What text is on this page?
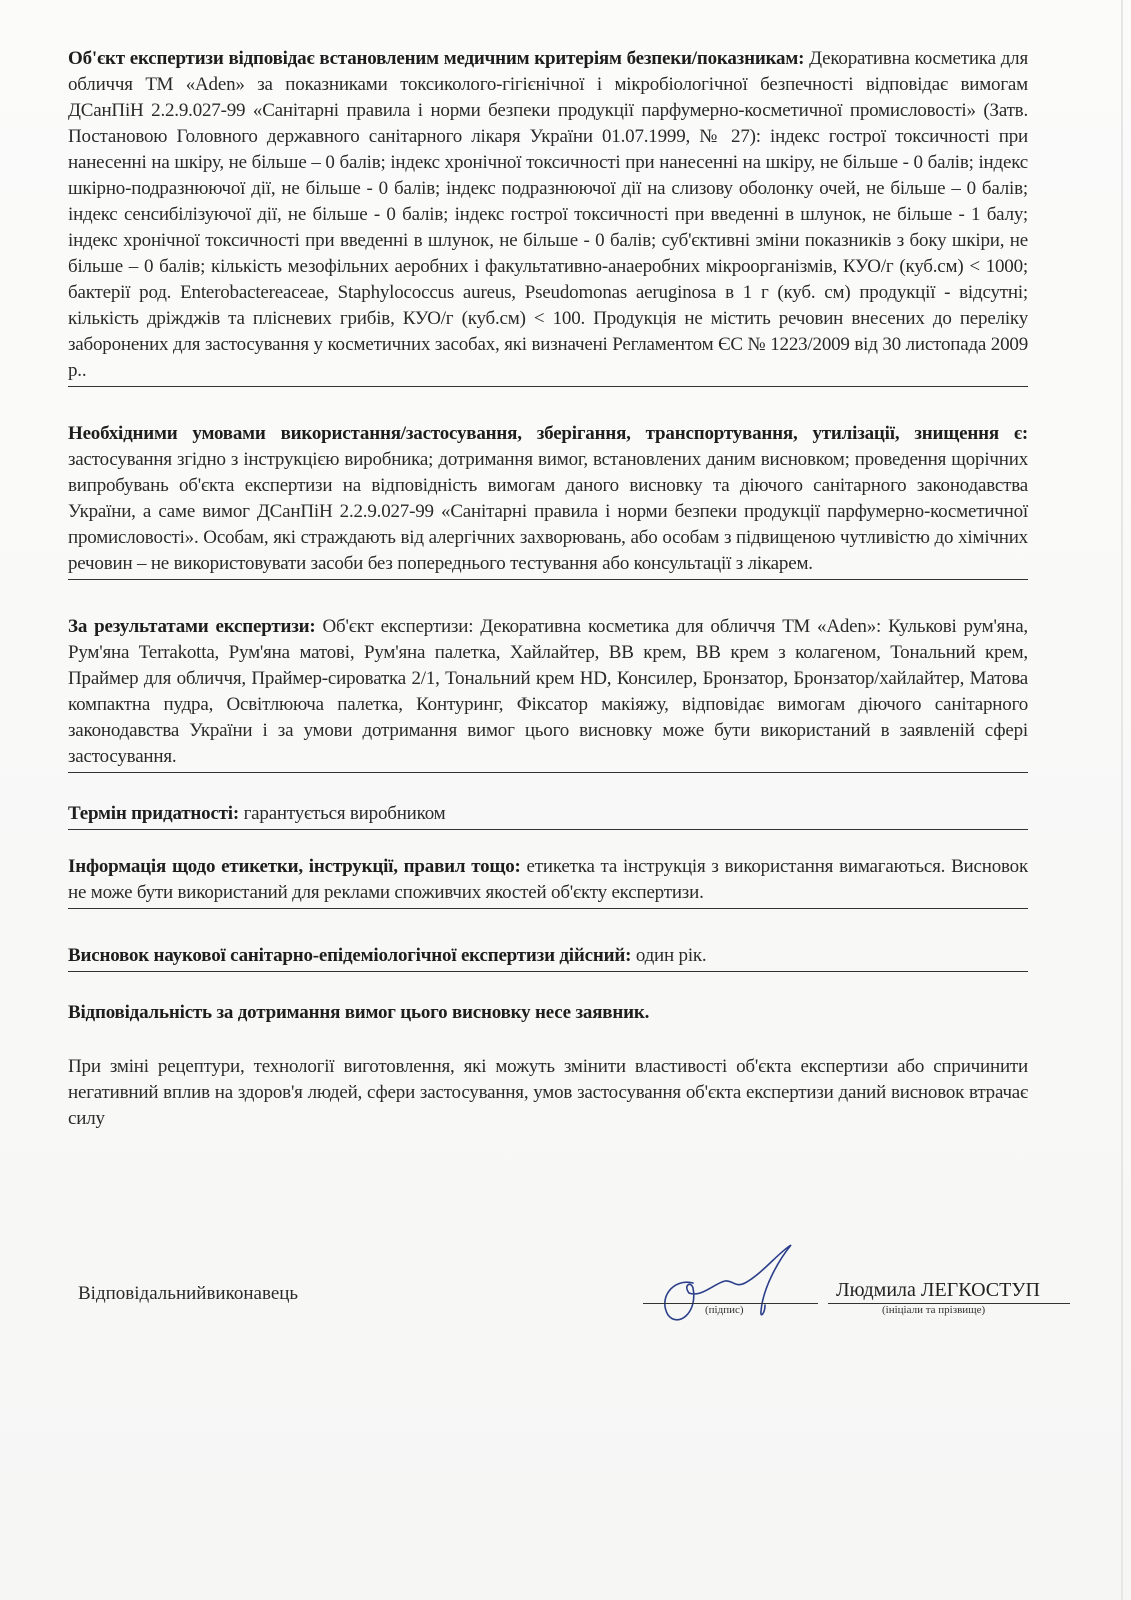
Об'єкт експертизи відповідає встановленим медичним критеріям безпеки/показникам: Декоративна косметика для обличчя ТМ «Aden» за показниками токсиколого-гігієнічної і мікробіологічної безпечності відповідає вимогам ДСанПіН 2.2.9.027-99 «Санітарні правила і норми безпеки продукції парфумерно-косметичної промисловості» (Затв. Постановою Головного державного санітарного лікаря України 01.07.1999, № 27): індекс гострої токсичності при нанесенні на шкіру, не більше – 0 балів; індекс хронічної токсичності при нанесенні на шкіру, не більше - 0 балів; індекс шкірно-подразнюючої дії, не більше - 0 балів; індекс подразнюючої дії на слизову оболонку очей, не більше – 0 балів; індекс сенсибілізуючої дії, не більше - 0 балів; індекс гострої токсичності при введенні в шлунок, не більше - 1 балу; індекс хронічної токсичності при введенні в шлунок, не більше - 0 балів; суб'єктивні зміни показників з боку шкіри, не більше – 0 балів; кількість мезофільних аеробних і факультативно-анаеробних мікроорганізмів, КУО/г (куб.см) < 1000; бактерії род. Enterobactereaceae, Staphylococcus aureus, Pseudomonas aeruginosa в 1 г (куб. см) продукції - відсутні; кількість дріжджів та плісневих грибів, КУО/г (куб.см) < 100. Продукція не містить речовин внесених до переліку заборонених для застосування у косметичних засобах, які визначені Регламентом ЄС № 1223/2009 від 30 листопада 2009 р..

Необхідними умовами використання/застосування, зберігання, транспортування, утилізації, знищення є: застосування згідно з інструкцією виробника; дотримання вимог, встановлених даним висновком; проведення щорічних випробувань об'єкта експертизи на відповідність вимогам даного висновку та діючого санітарного законодавства України, а саме вимог ДСанПіН 2.2.9.027-99 «Санітарні правила і норми безпеки продукції парфумерно-косметичної промисловості». Особам, які страждають від алергічних захворювань, або особам з підвищеною чутливістю до хімічних речовин – не використовувати засоби без попереднього тестування або консультації з лікарем.

За результатами експертизи: Об'єкт експертизи: Декоративна косметика для обличчя ТМ «Aden»: Кулькові рум'яна, Рум'яна Terrakotta, Рум'яна матові, Рум'яна палетка, Хайлайтер, ВВ крем, ВВ крем з колагеном, Тональний крем, Праймер для обличчя, Праймер-сироватка 2/1, Тональний крем HD, Консилер, Бронзатор, Бронзатор/хайлайтер, Матова компактна пудра, Освітлююча палетка, Контуринг, Фіксатор макіяжу, відповідає вимогам діючого санітарного законодавства України і за умови дотримання вимог цього висновку може бути використаний в заявленій сфері застосування.

Термін придатності: гарантується виробником

Інформація щодо етикетки, інструкції, правил тощо: етикетка та інструкція з використання вимагаються. Висновок не може бути використаний для реклами споживчих якостей об'єкту експертизи.

Висновок наукової санітарно-епідеміологічної експертизи дійсний: один рік.

Відповідальність за дотримання вимог цього висновку несе заявник.

При зміні рецептури, технології виготовлення, які можуть змінити властивості об'єкта експертизи або спричинити негативний вплив на здоров'я людей, сфери застосування, умов застосування об'єкта експертизи даний висновок втрачає силу

Відповідальнийвиконавець
(підпис)
Людмила ЛЕГКОСТУП
(ініціали та прізвище)
